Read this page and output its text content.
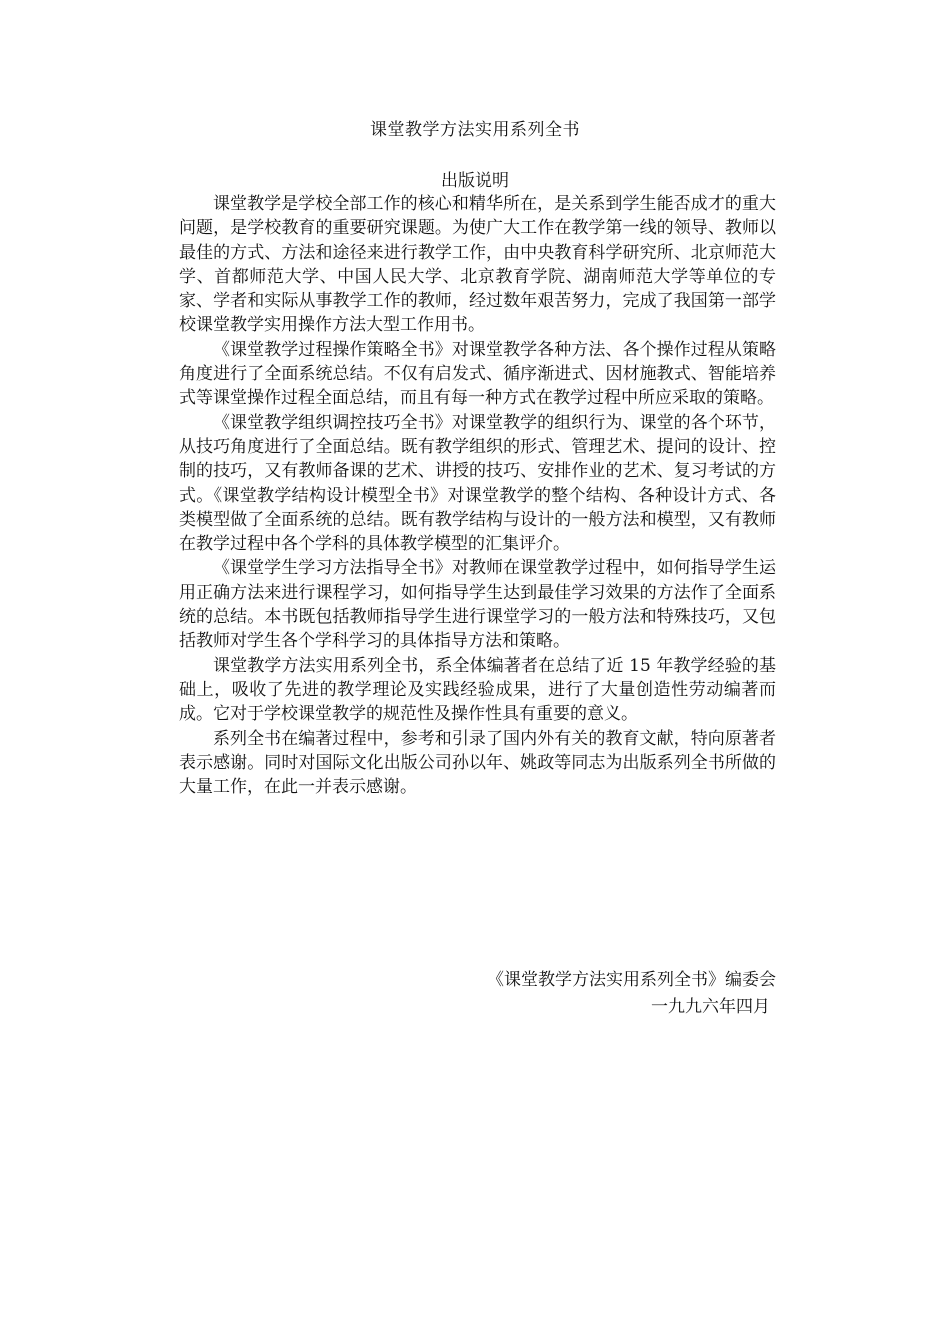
课堂教学方法实用系列全书
出版说明

课堂教学是学校全部工作的核心和精华所在，是关系到学生能否成才的重大问题，是学校教育的重要研究课题。为使广大工作在教学第一线的领导、教师以最佳的方式、方法和途径来进行教学工作，由中央教育科学研究所、北京师范大学、首都师范大学、中国人民大学、北京教育学院、湖南师范大学等单位的专家、学者和实际从事教学工作的教师，经过数年艰苦努力，完成了我国第一部学校课堂教学实用操作方法大型工作用书。

《课堂教学过程操作策略全书》对课堂教学各种方法、各个操作过程从策略角度进行了全面系统总结。不仅有启发式、循序渐进式、因材施教式、智能培养式等课堂操作过程全面总结，而且有每一种方式在教学过程中所应采取的策略。

《课堂教学组织调控技巧全书》对课堂教学的组织行为、课堂的各个环节，从技巧角度进行了全面总结。既有教学组织的形式、管理艺术、提问的设计、控制的技巧，又有教师备课的艺术、讲授的技巧、安排作业的艺术、复习考试的方式。《课堂教学结构设计模型全书》对课堂教学的整个结构、各种设计方式、各类模型做了全面系统的总结。既有教学结构与设计的一般方法和模型，又有教师在教学过程中各个学科的具体教学模型的汇集评介。

《课堂学生学习方法指导全书》对教师在课堂教学过程中，如何指导学生运用正确方法来进行课程学习，如何指导学生达到最佳学习效果的方法作了全面系统的总结。本书既包括教师指导学生进行课堂学习的一般方法和特殊技巧，又包括教师对学生各个学科学习的具体指导方法和策略。

课堂教学方法实用系列全书，系全体编著者在总结了近 15 年教学经验的基础上，吸收了先进的教学理论及实践经验成果，进行了大量创造性劳动编著而成。它对于学校课堂教学的规范性及操作性具有重要的意义。

系列全书在编著过程中，参考和引录了国内外有关的教育文献，特向原著者表示感谢。同时对国际文化出版公司孙以年、姚政等同志为出版系列全书所做的大量工作，在此一并表示感谢。

《课堂教学方法实用系列全书》编委会

一九九六年四月
